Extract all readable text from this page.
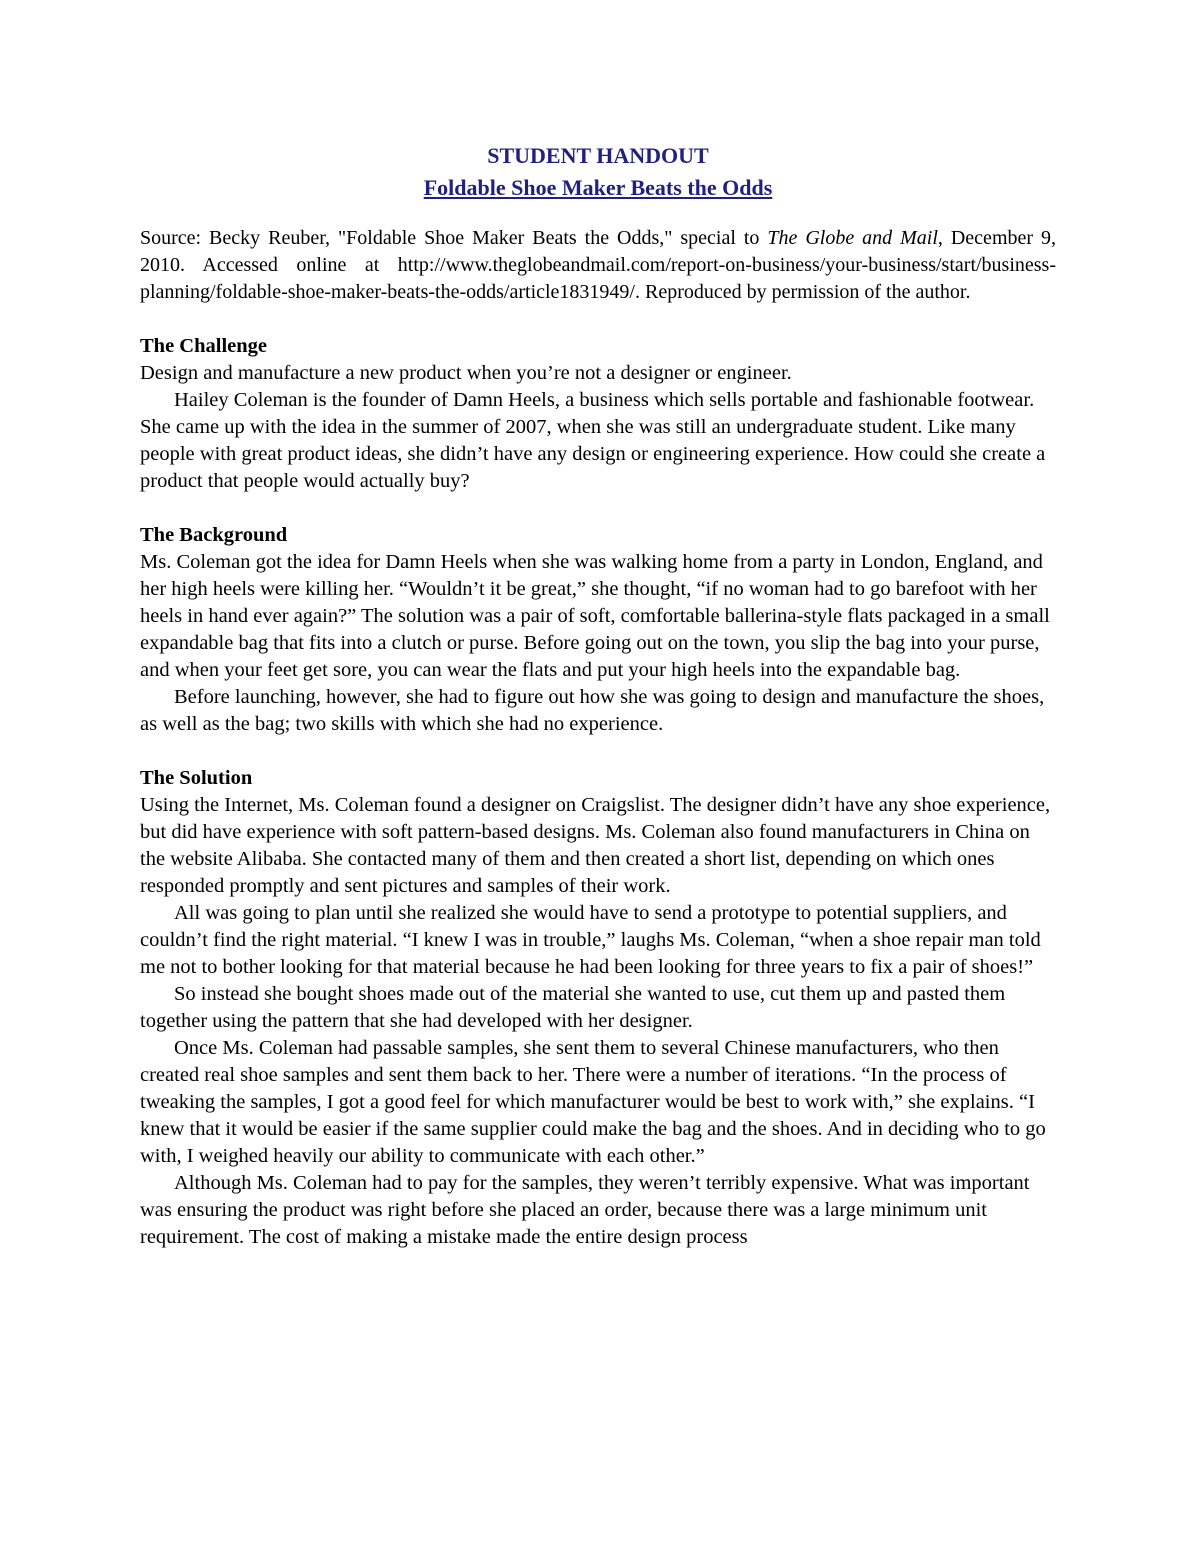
STUDENT HANDOUT
Foldable Shoe Maker Beats the Odds

Source: Becky Reuber, "Foldable Shoe Maker Beats the Odds," special to The Globe and Mail, December 9, 2010. Accessed online at http://www.theglobeandmail.com/report-on-business/your-business/start/business-planning/foldable-shoe-maker-beats-the-odds/article1831949/. Reproduced by permission of the author.

The Challenge

Design and manufacture a new product when you’re not a designer or engineer.

Hailey Coleman is the founder of Damn Heels, a business which sells portable and fashionable footwear. She came up with the idea in the summer of 2007, when she was still an undergraduate student. Like many people with great product ideas, she didn’t have any design or engineering experience. How could she create a product that people would actually buy?

The Background

Ms. Coleman got the idea for Damn Heels when she was walking home from a party in London, England, and her high heels were killing her. “Wouldn’t it be great,” she thought, “if no woman had to go barefoot with her heels in hand ever again?” The solution was a pair of soft, comfortable ballerina-style flats packaged in a small expandable bag that fits into a clutch or purse. Before going out on the town, you slip the bag into your purse, and when your feet get sore, you can wear the flats and put your high heels into the expandable bag.

Before launching, however, she had to figure out how she was going to design and manufacture the shoes, as well as the bag; two skills with which she had no experience.

The Solution

Using the Internet, Ms. Coleman found a designer on Craigslist. The designer didn’t have any shoe experience, but did have experience with soft pattern-based designs. Ms. Coleman also found manufacturers in China on the website Alibaba. She contacted many of them and then created a short list, depending on which ones responded promptly and sent pictures and samples of their work.

All was going to plan until she realized she would have to send a prototype to potential suppliers, and couldn’t find the right material. “I knew I was in trouble,” laughs Ms. Coleman, “when a shoe repair man told me not to bother looking for that material because he had been looking for three years to fix a pair of shoes!”

So instead she bought shoes made out of the material she wanted to use, cut them up and pasted them together using the pattern that she had developed with her designer.

Once Ms. Coleman had passable samples, she sent them to several Chinese manufacturers, who then created real shoe samples and sent them back to her. There were a number of iterations. “In the process of tweaking the samples, I got a good feel for which manufacturer would be best to work with,” she explains. “I knew that it would be easier if the same supplier could make the bag and the shoes. And in deciding who to go with, I weighed heavily our ability to communicate with each other.”

Although Ms. Coleman had to pay for the samples, they weren’t terribly expensive. What was important was ensuring the product was right before she placed an order, because there was a large minimum unit requirement. The cost of making a mistake made the entire design process
